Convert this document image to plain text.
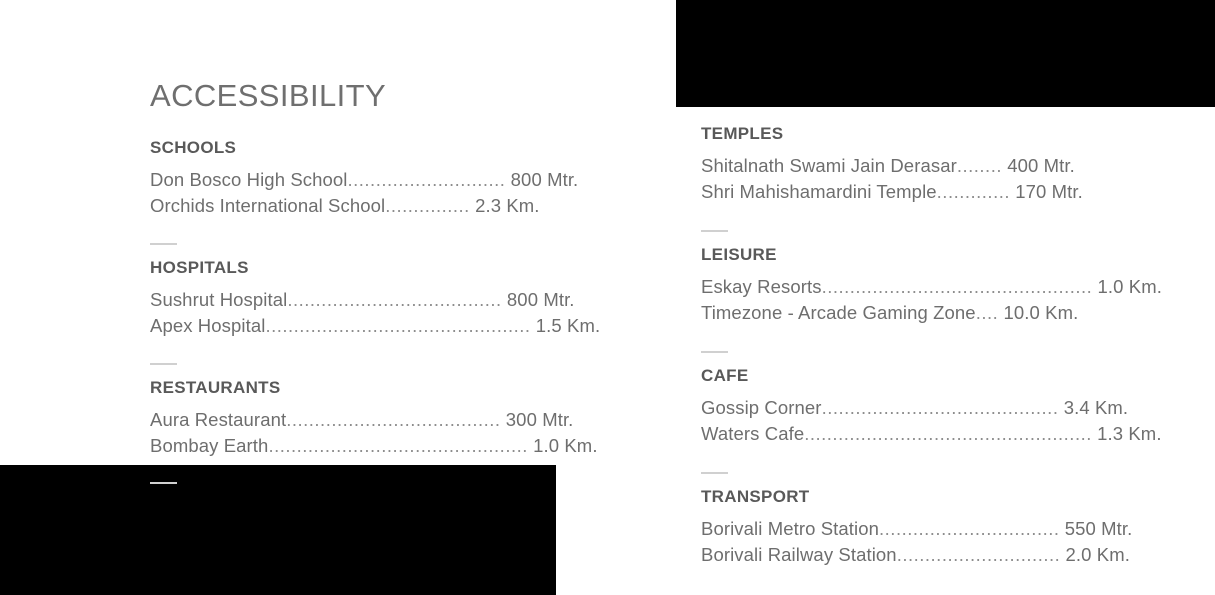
ACCESSIBILITY
SCHOOLS
Don Bosco High School............................ 800 Mtr.
Orchids International School............... 2.3 Km.
HOSPITALS
Sushrut Hospital...................................... 800 Mtr.
Apex Hospital............................................... 1.5 Km.
RESTAURANTS
Aura Restaurant...................................... 300 Mtr.
Bombay Earth.............................................. 1.0 Km.
TEMPLES
Shitalnath Swami Jain Derasar........ 400 Mtr.
Shri Mahishamardini Temple............. 170 Mtr.
LEISURE
Eskay Resorts................................................ 1.0 Km.
Timezone - Arcade Gaming Zone.... 10.0 Km.
CAFE
Gossip Corner.......................................... 3.4 Km.
Waters Cafe................................................... 1.3 Km.
TRANSPORT
Borivali Metro Station................................ 550 Mtr.
Borivali Railway Station............................. 2.0 Km.
